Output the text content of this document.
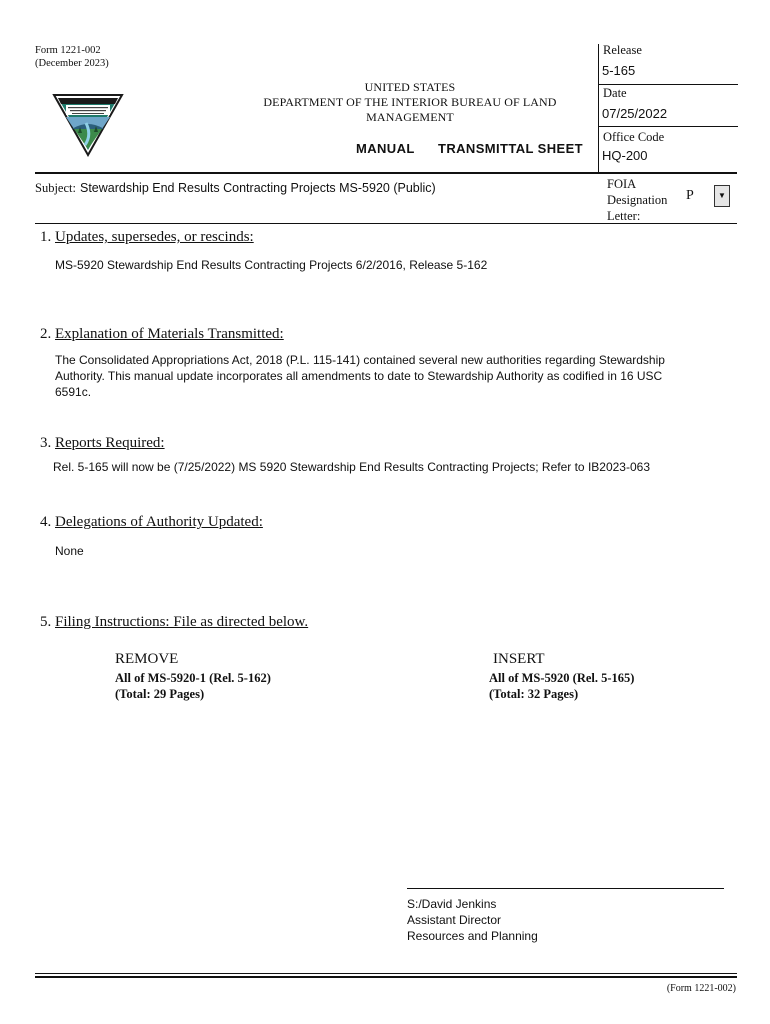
Form 1221-002
(December 2023)
UNITED STATES
DEPARTMENT OF THE INTERIOR BUREAU OF LAND
MANAGEMENT
MANUAL TRANSMITTAL SHEET
Release
5-165
Date
07/25/2022
Office Code
HQ-200
Subject: Stewardship End Results Contracting Projects MS-5920 (Public)	FOIA
Designation
Letter:
P	▼
1. Updates, supersedes, or rescinds:
MS-5920 Stewardship End Results Contracting Projects 6/2/2016, Release 5-162
2. Explanation of Materials Transmitted:
The Consolidated Appropriations Act, 2018 (P.L. 115-141) contained several new authorities regarding Stewardship
Authority. This manual update incorporates all amendments to date to Stewardship Authority as codified in 16 USC
6591c.
3. Reports Required:
Rel. 5-165 will now be (7/25/2022) MS 5920 Stewardship End Results Contracting Projects; Refer to IB2023-063
4. Delegations of Authority Updated:
None
5. Filing Instructions: File as directed below.
REMOVE
All of MS-5920-1 (Rel. 5-162)
(Total: 29 Pages)
INSERT
All of MS-5920 (Rel. 5-165)
(Total: 32 Pages)
S:/David Jenkins
Assistant Director
Resources and Planning
(Form 1221-002)
